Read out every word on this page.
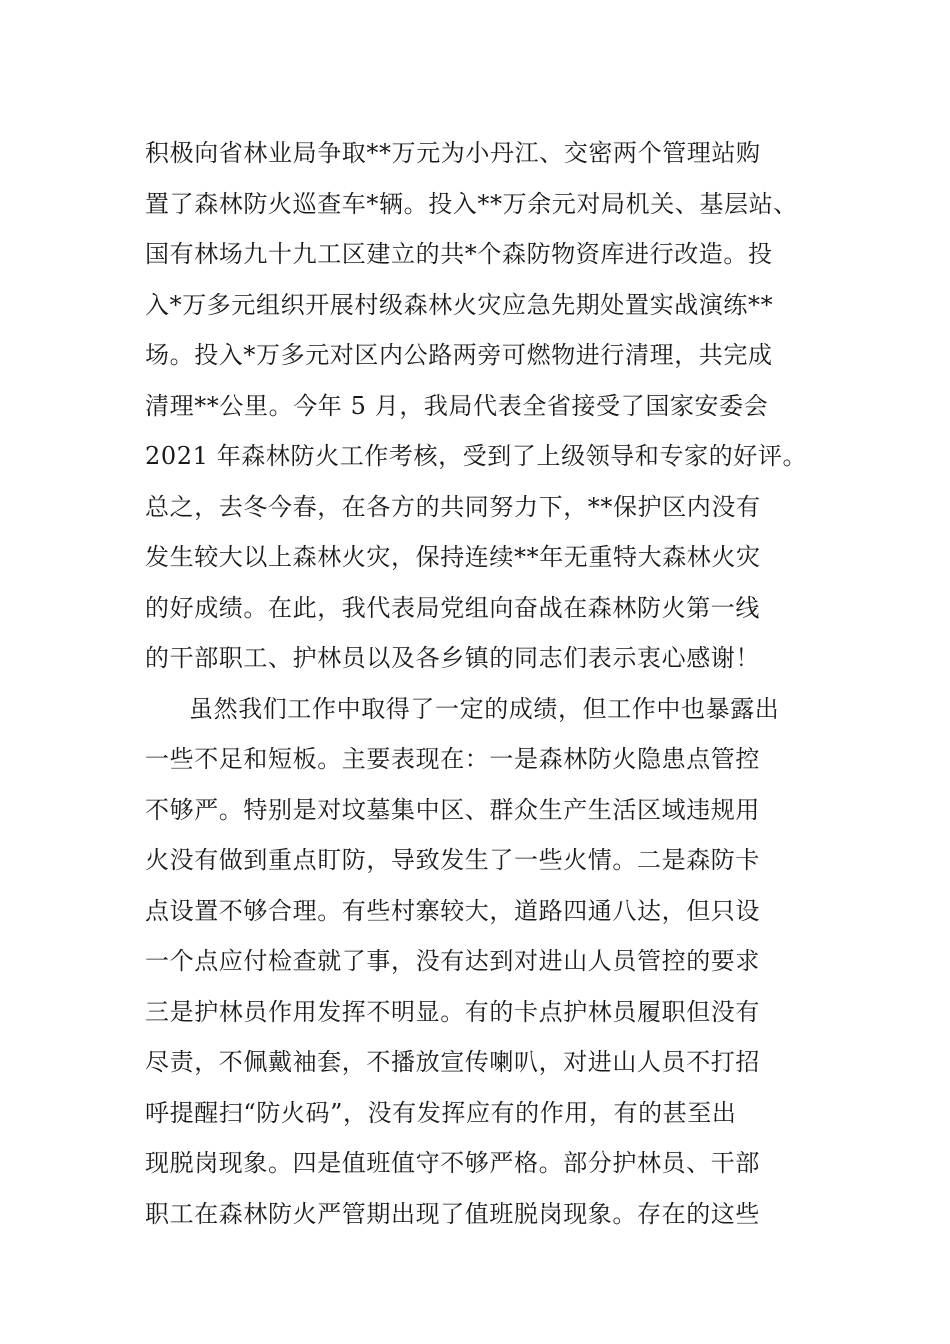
积极向省林业局争取**万元为小丹江、交密两个管理站购
置了森林防火巡查车*辆。投入**万余元对局机关、基层站、
国有林场九十九工区建立的共*个森防物资库进行改造。投
入*万多元组织开展村级森林火灾应急先期处置实战演练**
场。投入*万多元对区内公路两旁可燃物进行清理，共完成
清理**公里。今年 5 月，我局代表全省接受了国家安委会
2021 年森林防火工作考核，受到了上级领导和专家的好评。
总之，去冬今春，在各方的共同努力下，**保护区内没有
发生较大以上森林火灾，保持连续**年无重特大森林火灾
的好成绩。在此，我代表局党组向奋战在森林防火第一线
的干部职工、护林员以及各乡镇的同志们表示衷心感谢！
虽然我们工作中取得了一定的成绩，但工作中也暴露出
一些不足和短板。主要表现在：一是森林防火隐患点管控
不够严。特别是对坟墓集中区、群众生产生活区域违规用
火没有做到重点盯防，导致发生了一些火情。二是森防卡
点设置不够合理。有些村寨较大，道路四通八达，但只设
一个点应付检查就了事，没有达到对进山人员管控的要求
三是护林员作用发挥不明显。有的卡点护林员履职但没有
尽责，不佩戴袖套，不播放宣传喇叭，对进山人员不打招
呼提醒扫“防火码”，没有发挥应有的作用，有的甚至出
现脱岗现象。四是值班值守不够严格。部分护林员、干部
职工在森林防火严管期出现了值班脱岗现象。存在的这些
